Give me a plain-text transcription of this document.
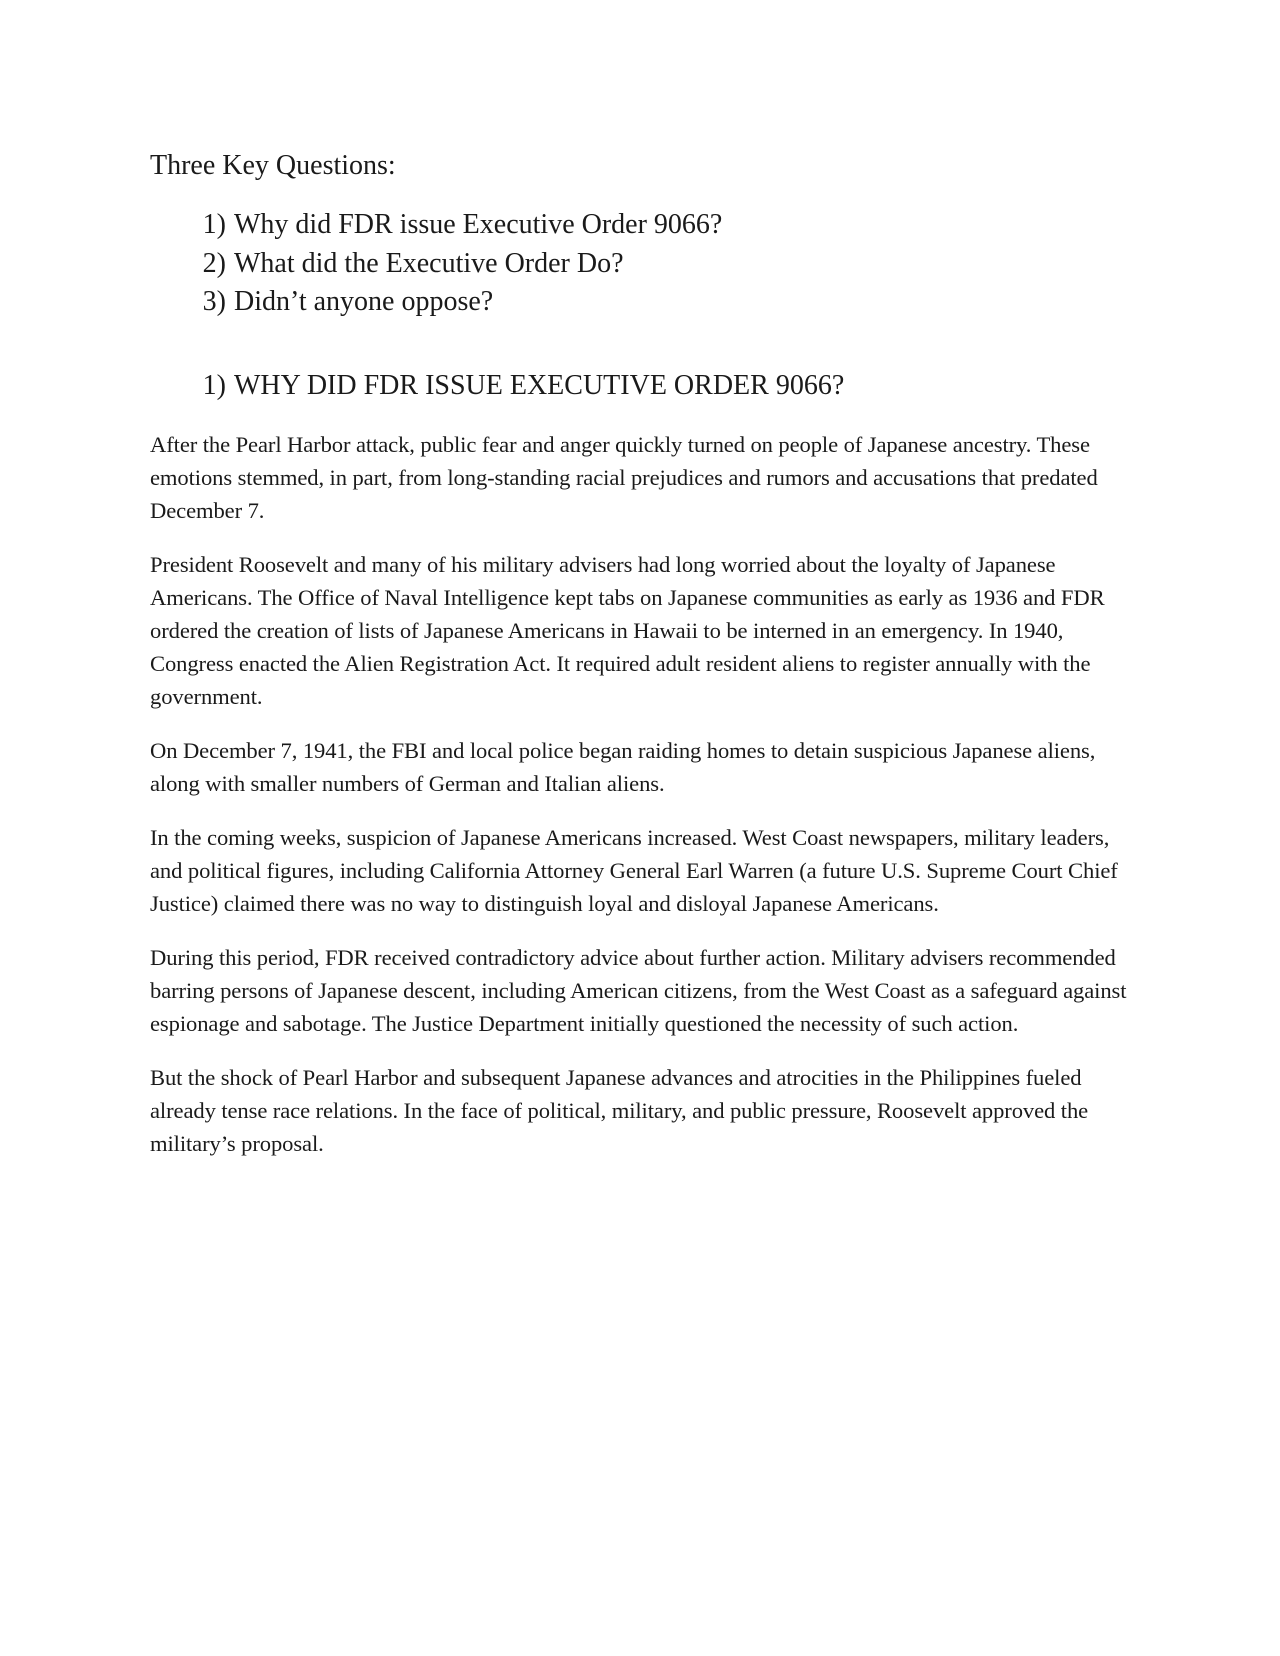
Three Key Questions:
1) Why did FDR issue Executive Order 9066?
2) What did the Executive Order Do?
3) Didn’t anyone oppose?
1) WHY DID FDR ISSUE EXECUTIVE ORDER 9066?

After the Pearl Harbor attack, public fear and anger quickly turned on people of Japanese ancestry. These emotions stemmed, in part, from long-standing racial prejudices and rumors and accusations that predated December 7.

President Roosevelt and many of his military advisers had long worried about the loyalty of Japanese Americans. The Office of Naval Intelligence kept tabs on Japanese communities as early as 1936 and FDR ordered the creation of lists of Japanese Americans in Hawaii to be interned in an emergency. In 1940, Congress enacted the Alien Registration Act. It required adult resident aliens to register annually with the government.

On December 7, 1941, the FBI and local police began raiding homes to detain suspicious Japanese aliens, along with smaller numbers of German and Italian aliens.

In the coming weeks, suspicion of Japanese Americans increased. West Coast newspapers, military leaders, and political figures, including California Attorney General Earl Warren (a future U.S. Supreme Court Chief Justice) claimed there was no way to distinguish loyal and disloyal Japanese Americans.

During this period, FDR received contradictory advice about further action. Military advisers recommended barring persons of Japanese descent, including American citizens, from the West Coast as a safeguard against espionage and sabotage. The Justice Department initially questioned the necessity of such action.

But the shock of Pearl Harbor and subsequent Japanese advances and atrocities in the Philippines fueled already tense race relations. In the face of political, military, and public pressure, Roosevelt approved the military’s proposal.
